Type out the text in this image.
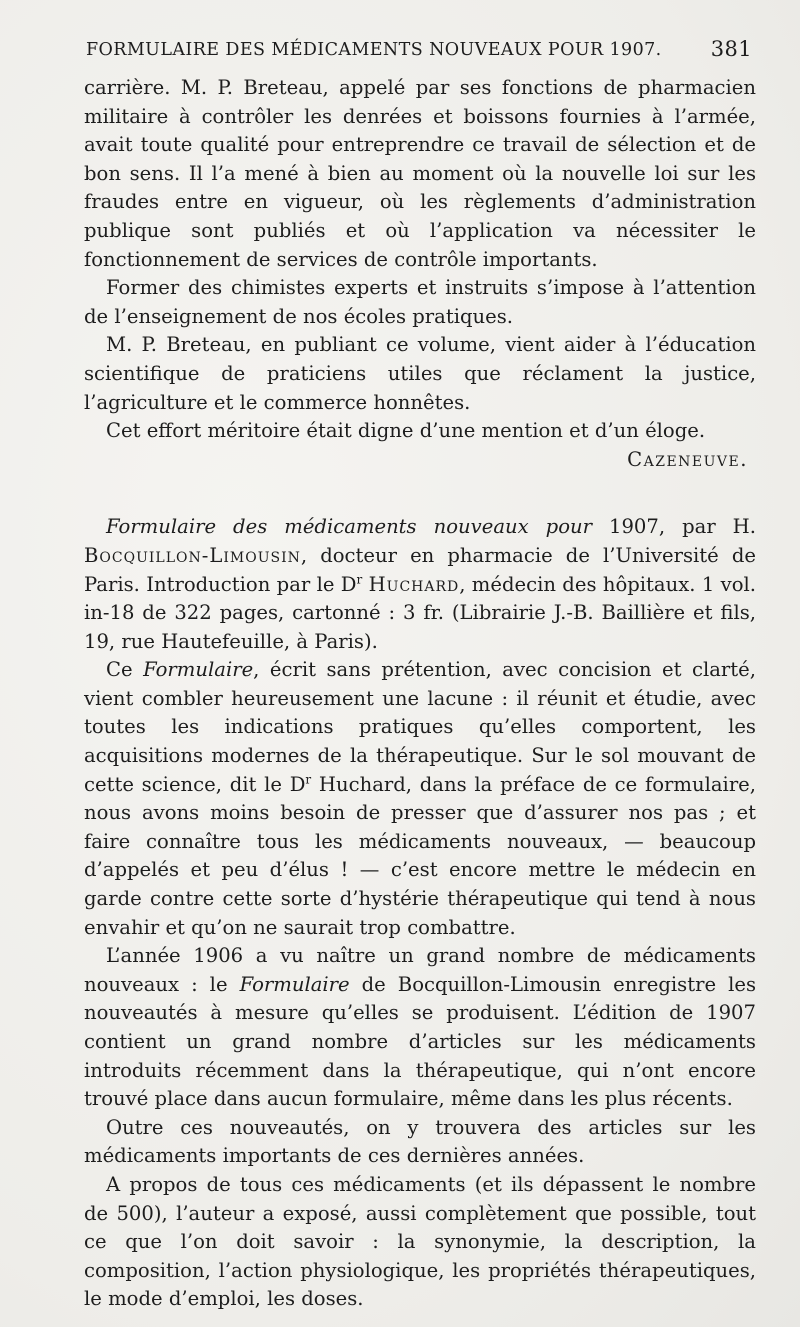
FORMULAIRE DES MÉDICAMENTS NOUVEAUX POUR 1907. 381

carrière. M. P. Breteau, appelé par ses fonctions de pharmacien militaire à contrôler les denrées et boissons fournies à l’armée, avait toute qualité pour entreprendre ce travail de sélection et de bon sens. Il l’a mené à bien au moment où la nouvelle loi sur les fraudes entre en vigueur, où les règlements d’administration publique sont publiés et où l’application va nécessiter le fonctionnement de services de contrôle importants.

Former des chimistes experts et instruits s’impose à l’attention de l’enseignement de nos écoles pratiques.

M. P. Breteau, en publiant ce volume, vient aider à l’éducation scientifique de praticiens utiles que réclament la justice, l’agriculture et le commerce honnêtes.

Cet effort méritoire était digne d’une mention et d’un éloge.

Cazeneuve.

Formulaire des médicaments nouveaux pour 1907, par H. Bocquillon-Limousin, docteur en pharmacie de l’Université de Paris. Introduction par le $D^r$ Huchard, médecin des hôpitaux. 1 vol. in-18 de 322 pages, cartonné : 3 fr. (Librairie J.-B. Baillière et fils, 19, rue Hautefeuille, à Paris).

Ce Formulaire, écrit sans prétention, avec concision et clarté, vient combler heureusement une lacune : il réunit et étudie, avec toutes les indications pratiques qu’elles comportent, les acquisitions modernes de la thérapeutique. Sur le sol mouvant de cette science, dit le $D^r$ Huchard, dans la préface de ce formulaire, nous avons moins besoin de presser que d’assurer nos pas ; et faire connaître tous les médicaments nouveaux, — beaucoup d’appelés et peu d’élus ! — c’est encore mettre le médecin en garde contre cette sorte d’hystérie thérapeutique qui tend à nous envahir et qu’on ne saurait trop combattre.

L’année 1906 a vu naître un grand nombre de médicaments nouveaux : le Formulaire de Bocquillon-Limousin enregistre les nouveautés à mesure qu’elles se produisent. L’édition de 1907 contient un grand nombre d’articles sur les médicaments introduits récemment dans la thérapeutique, qui n’ont encore trouvé place dans aucun formulaire, même dans les plus récents.

Outre ces nouveautés, on y trouvera des articles sur les médicaments importants de ces dernières années.

A propos de tous ces médicaments (et ils dépassent le nombre de 500), l’auteur a exposé, aussi complètement que possible, tout ce que l’on doit savoir : la synonymie, la description, la composition, l’action physiologique, les propriétés thérapeutiques, le mode d’emploi, les doses.
